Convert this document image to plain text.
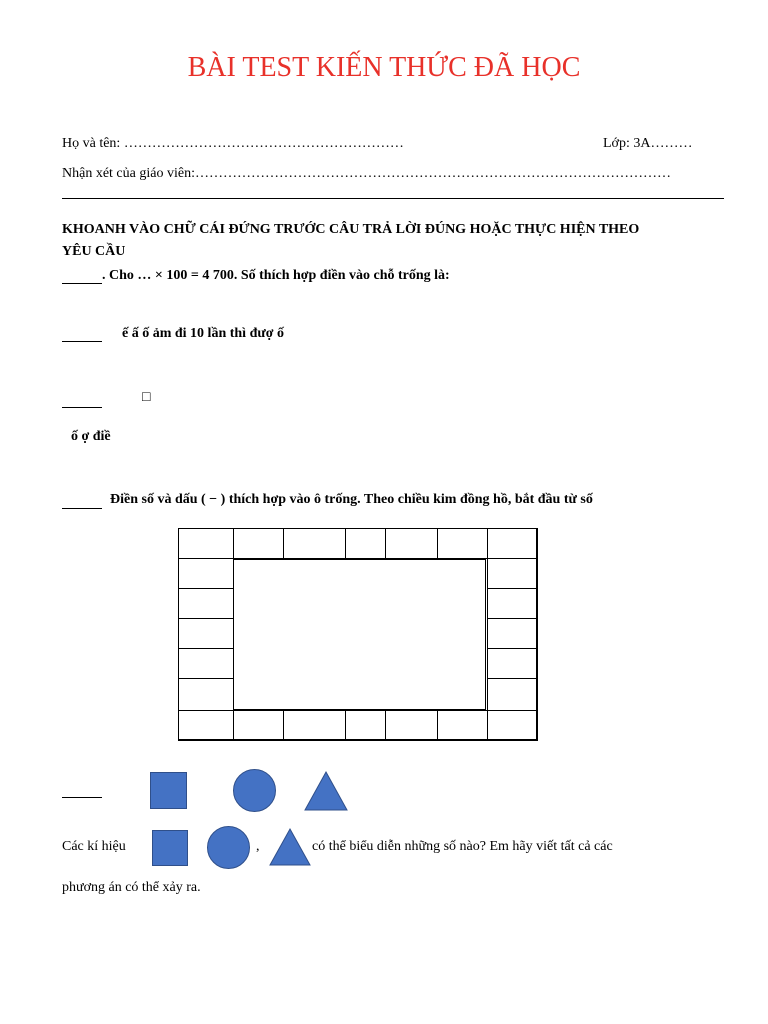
BÀI TEST KIẾN THỨC ĐÃ HỌC
Họ và tên: ……………………………………………………	Lớp: 3A………
Nhận xét của giáo viên:…………………………………………………………………………………………
KHOANH VÀO CHỮ CÁI ĐỨNG TRƯỚC CÂU TRẢ LỜI ĐÚNG HOẶC THỰC HIỆN THEO
YÊU CẦU
. Cho … × 100 = 4 700. Số thích hợp điền vào chỗ trống là:
ế ấ ố ảm đi 10 lần thì đượ ố
□
ố ợ điề
Điền số và dấu ( − ) thích hợp vào ô trống. Theo chiều kim đồng hồ, bắt đầu từ số
Các kí hiệu	,	có thể biểu diễn những số nào? Em hãy viết tất cả các
phương án có thể xảy ra.
